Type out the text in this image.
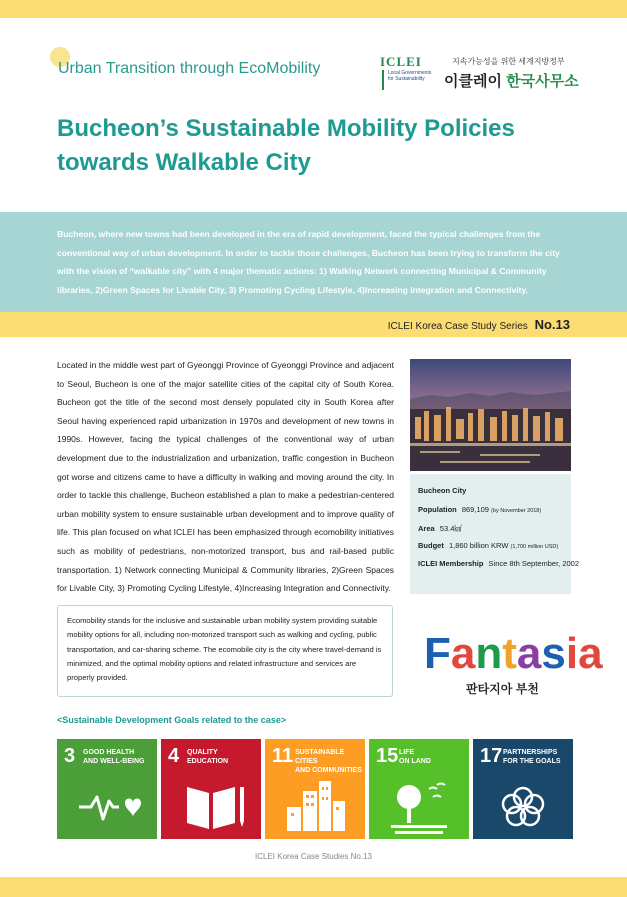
Urban Transition through EcoMobility	ICLEI
Local Governments for Sustainability
지속가능성을 위한 세계지방정부
이클레이 한국사무소
Bucheon’s Sustainable Mobility Policies
towards Walkable City
Bucheon, where new towns had been developed in the era of rapid development, faced the typical challenges from the conventional way of urban development. In order to tackle those challenges, Bucheon has been trying to transform the city with the vision of “walkable city” with 4 major thematic actions: 1) Walking Network connecting Municipal & Community libraries, 2)Green Spaces for Livable City, 3) Promoting Cycling Lifestyle, 4)Increasing Integration and Connectivity.
ICLEI Korea Case Study Series No.13
Located in the middle west part of Gyeonggi Province of Gyeonggi Province and adjacent to Seoul, Bucheon is one of the major satellite cities of the capital city of South Korea. Bucheon got the title of the second most densely populated city in South Korea after Seoul having experienced rapid urbanization in 1970s and development of new towns in 1990s. However, facing the typical challenges of the conventional way of urban development due to the industrialization and urbanization, traffic congestion in Bucheon got worse and citizens came to have a difficulty in walking and moving around the city. In order to tackle this challenge, Bucheon established a plan to make a pedestrian-centered urban mobility system to ensure sustainable urban development and to improve quality of life. This plan focused on what ICLEI has been emphasized through ecomobility initiatives such as mobility of pedestrians, non-motorized transport, bus and rail-based public transportation. 1) Network connecting Municipal & Community libraries, 2)Green Spaces for Livable City, 3) Promoting Cycling Lifestyle, 4)Increasing Integration and Connectivity.
Bucheon City
Population 869,109 (by November 2018)
Area 53.4㎢
Budget 1,860 billion KRW (1,700 million USD)
ICLEI Membership Since 8th September, 2002
Ecomobility stands for the inclusive and sustainable urban mobility system providing suitable mobility options for all, including non-motorized transport such as walking and cycling, public transportation, and car-sharing scheme. The ecomobile city is the city where travel-demand is minimized, and the optimal mobility options and related infrastructure and services are properly provided.	Fantasia
판타지아 부천
<Sustainable Development Goals related to the case>
3 GOOD HEALTH
AND WELL-BEING 4 QUALITY
EDUCATION 11 SUSTAINABLE CITIES
AND COMMUNITIES
15 LIFE
ON LAND 17 PARTNERSHIPS
FOR THE GOALS
ICLEI Korea Case Studies No.13
